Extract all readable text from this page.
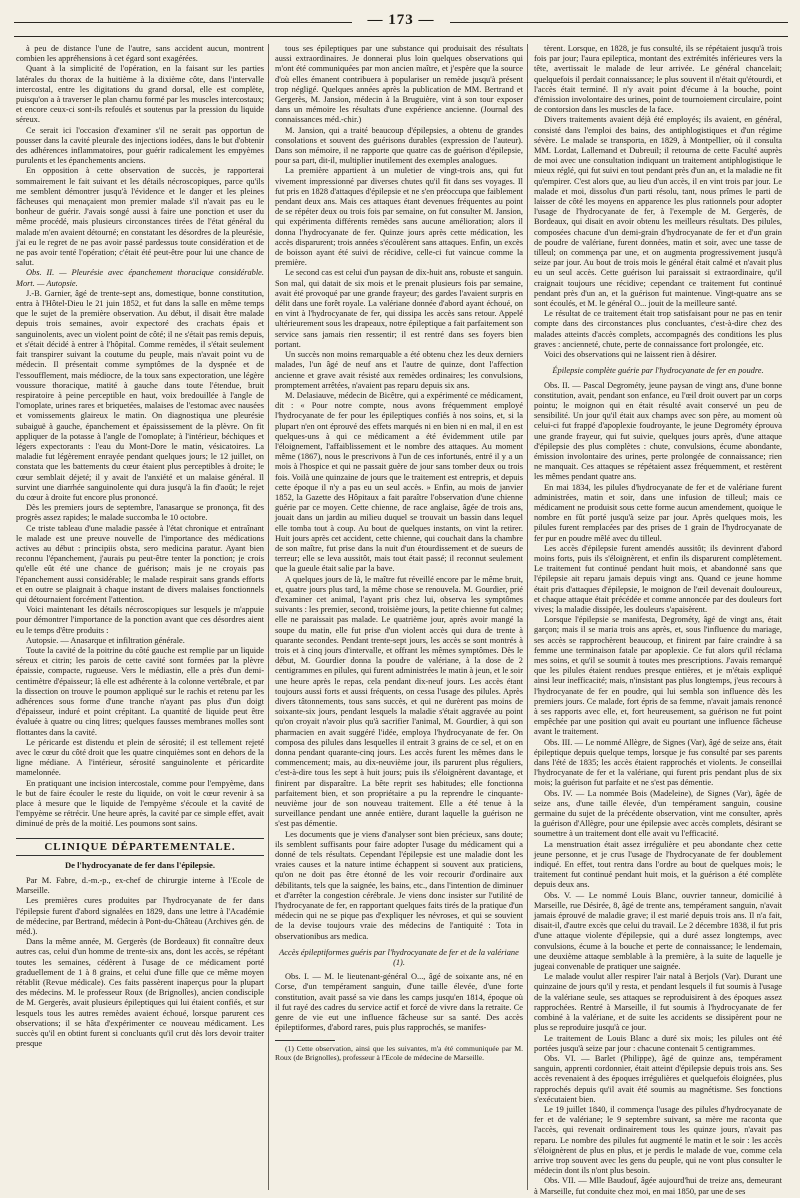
— 173 —

à peu de distance l'une de l'autre, sans accident aucun, montrent combien les appréhensions à cet égard sont exagérées.

Quant à la simplicité de l'opération, en la faisant sur les parties latérales du thorax de la huitième à la dixième côte, dans l'intervalle intercostal, entre les digitations du grand dorsal, elle est complète, puisqu'on a à traverser le plan charnu formé par les muscles intercostaux; et encore ceux-ci sont-ils refoulés et soutenus par la pression du liquide séreux.

Ce serait ici l'occasion d'examiner s'il ne serait pas opportun de pousser dans la cavité pleurale des injections iodées, dans le but d'obtenir des adhérences inflammatoires, pour guérir radicalement les empyèmes purulents et les épanchements anciens.

En opposition à cette observation de succès, je rapporterai sommairement le fait suivant et les détails nécroscopiques, parce qu'ils me semblent démontrer jusqu'à l'évidence et le danger et les pleines fâcheuses qui menaçaient mon premier malade s'il n'avait pas eu le bonheur de guérir. J'avais songé aussi à faire une ponction et user du même procédé, mais plusieurs circonstances tirées de l'état général du malade m'en avaient détourné; en constatant les désordres de la pleurésie, j'ai eu le regret de ne pas avoir passé pardessus toute considération et de ne pas avoir tenté l'opération; c'était été peut-être pour lui une chance de salut.

Obs. II. — Pleurésie avec épanchement thoracique considérable. Mort. — Autopsie.

J.-B. Garnier, âgé de trente-sept ans, domestique, bonne constitution, entra à l'Hôtel-Dieu le 21 juin 1852, et fut dans la salle en même temps que le sujet de la première observation. Au début, il disait être malade depuis trois semaines, avoir expectoré des crachats épais et sanguinolents, avec un violent point de côté; il ne s'était pas remis depuis, et s'était décidé à entrer à l'hôpital. Comme remèdes, il s'était seulement fait transpirer suivant la coutume du peuple, mais n'avait point vu de médecin. Il présentait comme symptômes de la dyspnée et de l'essoufflement, mais médiocre, de la toux sans expectoration, une légère voussure thoracique, matité à gauche dans toute l'étendue, bruit respiratoire à peine perceptible en haut, voix bredouillée à l'angle de l'omoplate, urines rares et briquetées, malaises de l'estomac avec nausées et vomissements glaireux le matin. On diagnostiqua une pleurésie subaiguë à gauche, épanchement et épaississement de la plèvre. On fit appliquer de la potasse à l'angle de l'omoplate; à l'intérieur, béchiques et légers expectorants : l'eau du Mont-Dore le matin, vésicatoires. La maladie fut légèrement enrayée pendant quelques jours; le 12 juillet, on constata que les battements du cœur étaient plus perceptibles à droite; le cœur semblait déjeté; il y avait de l'anxiété et un malaise général. Il survint une diarrhée sanguinolente qui dura jusqu'à la fin d'août; le rejet du cœur à droite fut encore plus prononcé.

Dès les premiers jours de septembre, l'anasarque se prononça, fit des progrès assez rapides; le malade succomba le 10 octobre.

Ce triste tableau d'une maladie passée à l'état chronique et entraînant le malade est une preuve nouvelle de l'importance des médications actives au début : principiis obsta, sero medicina paratur. Ayant bien reconnu l'épanchement, j'aurais pu peut-être tenter la ponction; je crois qu'elle eût été une chance de guérison; mais je ne croyais pas l'épanchement aussi considérable; le malade respirait sans grands efforts et en outre se plaignait à chaque instant de divers malaises fonctionnels qui détournaient forcément l'attention.

Voici maintenant les détails nécroscopiques sur lesquels je m'appuie pour démontrer l'importance de la ponction avant que ces désordres aient eu le temps d'être produits :

Autopsie. — Anasarque et infiltration générale.

Toute la cavité de la poitrine du côté gauche est remplie par un liquide séreux et citrin; les parois de cette cavité sont formées par la plèvre épaissie, compacte, rugueuse. Vers le médiastin, elle a près d'un demi-centimètre d'épaisseur; là elle est adhérente à la colonne vertébrale, et par la dissection on trouve le poumon appliqué sur le rachis et retenu par les adhérences sous forme d'une tranche n'ayant pas plus d'un doigt d'épaisseur, induré et point crépitant. La quantité de liquide peut être évaluée à quatre ou cinq litres; quelques fausses membranes molles sont flottantes dans la cavité.

Le péricarde est distendu et plein de sérosité; il est tellement rejeté avec le cœur du côté droit que les quatre cinquièmes sont en dehors de la ligne médiane. A l'intérieur, sérosité sanguinolente et péricardite mamelonnée.

En pratiquant une incision intercostale, comme pour l'empyème, dans le but de faire écouler le reste du liquide, on voit le cœur revenir à sa place à mesure que le liquide de l'empyème s'écoule et la cavité de l'empyème se rétrécir. Une heure après, la cavité par ce simple effet, avait diminué de près de la moitié. Les poumons sont sains.

CLINIQUE DÉPARTEMENTALE.
De l'hydrocyanate de fer dans l'épilepsie.

Par M. Fabre, d.-m.-p., ex-chef de chirurgie interne à l'Ecole de Marseille.

Les premières cures produites par l'hydrocyanate de fer dans l'épilepsie furent d'abord signalées en 1829, dans une lettre à l'Académie de médecine, par Bertrand, médecin à Pont-du-Château (Archives gén. de méd.).

Dans la même année, M. Gergerès (de Bordeaux) fit connaître deux autres cas, celui d'un homme de trente-six ans, dont les accès, se répétant toutes les semaines, cédèrent à l'usage de ce médicament porté graduellement de 1 à 8 grains, et celui d'une fille que ce même moyen rétablit (Revue médicale). Ces faits passèrent inaperçus pour la plupart des médecins. M. le professeur Roux (de Brignolles), ancien condisciple de M. Gergerès, avait plusieurs épileptiques qui lui étaient confiés, et sur lesquels tous les autres remèdes avaient échoué, lorsque parurent ces observations; il se hâta d'expérimenter ce nouveau médicament. Les succès qu'il en obtint furent si concluants qu'il crut dès lors devoir traiter presque

tous ses épileptiques par une substance qui produisait des résultats aussi extraordinaires. Je donnerai plus loin quelques observations qui m'ont été communiquées par mon ancien maître, et j'espère que la source d'où elles émanent contribuera à populariser un remède jusqu'à présent trop négligé. Quelques années après la publication de MM. Bertrand et Gergerès, M. Jansion, médecin à la Bruguière, vint à son tour exposer dans un mémoire les résultats d'une expérience ancienne. (Journal des connaissances méd.-chir.)

M. Jansion, qui a traité beaucoup d'épilepsies, a obtenu de grandes consolations et souvent des guérisons durables (expression de l'auteur). Dans son mémoire, il ne rapporte que quatre cas de guérison d'épilepsie, pour sa part, dit-il, multiplier inutilement des exemples analogues.

La première appartient à un muletier de vingt-trois ans, qui fut vivement impressionné par diverses chutes qu'il fit dans ses voyages. Il fut pris en 1828 d'attaques d'épilepsie et ne s'en préoccupa que faiblement pendant deux ans. Mais ces attaques étant devenues fréquentes au point de se répéter deux ou trois fois par semaine, on fut consulter M. Jansion, qui expérimenta différents remèdes sans aucune amélioration; alors il donna l'hydrocyanate de fer. Quinze jours après cette médication, les accès disparurent; trois années s'écoulèrent sans attaques. Enfin, un excès de boisson ayant été suivi de récidive, celle-ci fut vaincue comme la première.

Le second cas est celui d'un paysan de dix-huit ans, robuste et sanguin. Son mal, qui datait de six mois et le prenait plusieurs fois par semaine, avait été provoqué par une grande frayeur; des gardes l'avaient surpris en délit dans une forêt royale. La valériane donnée d'abord ayant échoué, on en vint à l'hydrocyanate de fer, qui dissipa les accès sans retour. Appelé ultérieurement sous les drapeaux, notre épileptique a fait parfaitement son service sans jamais rien ressentir; il est rentré dans ses foyers bien portant.

Un succès non moins remarquable a été obtenu chez les deux derniers malades, l'un âgé de neuf ans et l'autre de quinze, dont l'affection ancienne et grave avait résisté aux remèdes ordinaires; les convulsions, promptement arrêtées, n'avaient pas reparu depuis six ans.

M. Delasiauve, médecin de Bicêtre, qui a expérimenté ce médicament, dit : « Pour notre compte, nous avons fréquemment employé l'hydrocyanate de fer pour les épileptiques confiés à nos soins, et, si la plupart n'en ont éprouvé des effets marqués ni en bien ni en mal, il en est quelques-uns à qui ce médicament a été évidemment utile par l'éloignement, l'affaiblissement et le nombre des attaques. Au moment même (1867), nous le prescrivons à l'un de ces infortunés, entré il y a un mois à l'hospice et qui ne passait guère de jour sans tomber deux ou trois fois. Voilà une quinzaine de jours que le traitement est entrepris, et depuis cette époque il n'y a pas eu un seul accès. » Enfin, au mois de janvier 1852, la Gazette des Hôpitaux a fait paraître l'observation d'une chienne guérie par ce moyen. Cette chienne, de race anglaise, âgée de trois ans, jouait dans un jardin au milieu duquel se trouvait un bassin dans lequel elle tomba tout à coup. Au bout de quelques instants, on vint la retirer. Huit jours après cet accident, cette chienne, qui couchait dans la chambre de son maître, fut prise dans la nuit d'un étourdissement et de sueurs de terreur; elle se leva aussitôt, mais tout était passé; il reconnut seulement que la gueule était salie par la bave.

A quelques jours de là, le maître fut réveillé encore par le même bruit, et, quatre jours plus tard, la même chose se renouvela. M. Gourdier, prié d'examiner cet animal, l'ayant pris chez lui, observa les symptômes suivants : les premier, second, troisième jours, la petite chienne fut calme; elle ne paraissait pas malade. Le quatrième jour, après avoir mangé la soupe du matin, elle fut prise d'un violent accès qui dura de trente à quarante secondes. Pendant trente-sept jours, les accès se sont montrés à trois et à cinq jours d'intervalle, et offrant les mêmes symptômes. Dès le début, M. Gourdier donna la poudre de valériane, à la dose de 2 centigrammes en pilules, qui furent administrées le matin à jeun, et le soir une heure après le repas, cela pendant dix-neuf jours. Les accès étant toujours aussi forts et aussi fréquents, on cessa l'usage des pilules. Après divers tâtonnements, tous sans succès, et qui ne durèrent pas moins de soixante-six jours, pendant lesquels la maladie s'était aggravée au point qu'on croyait n'avoir plus qu'à sacrifier l'animal, M. Gourdier, à qui son pharmacien en avait suggéré l'idée, employa l'hydrocyanate de fer. On composa des pilules dans lesquelles il entrait 3 grains de ce sel, et on en donna pendant quarante-cinq jours. Les accès furent les mêmes dans le commencement; mais, au dix-neuvième jour, ils parurent plus réguliers, c'est-à-dire tous les sept à huit jours; puis ils s'éloignèrent davantage, et finirent par disparaître. La bête reprit ses habitudes; elle fonctionna parfaitement bien, et son propriétaire a pu la reprendre le cinquante-neuvième jour de son nouveau traitement. Elle a été tenue à la surveillance pendant une année entière, durant laquelle la guérison ne s'est pas démentie.

Les documents que je viens d'analyser sont bien précieux, sans doute; ils semblent suffisants pour faire adopter l'usage du médicament qui a donné de tels résultats. Cependant l'épilepsie est une maladie dont les vraies causes et la nature intime échappent si souvent aux praticiens, qu'on ne doit pas être étonné de les voir recourir d'ordinaire aux débilitants, tels que la saignée, les bains, etc., dans l'intention de diminuer et d'arrêter la congestion cérébrale. Je viens donc insister sur l'utilité de l'hydrocyanate de fer, en rapportant quelques faits tirés de la pratique d'un médecin qui ne se pique pas d'expliquer les névroses, et qui se souvient de la devise toujours vraie des médecins de l'antiquité : Tota in observationibus ars medica.

Accès épileptiformes guéris par l'hydrocyanate de fer et de la valériane (1).

Obs. I. — M. le lieutenant-général O..., âgé de soixante ans, né en Corse, d'un tempérament sanguin, d'une taille élevée, d'une forte constitution, avait passé sa vie dans les camps jusqu'en 1814, époque où il fut rayé des cadres du service actif et forcé de vivre dans la retraite. Ce genre de vie eut une influence fâcheuse sur sa santé. Des accès épileptiformes, d'abord rares, puis plus rapprochés, se manifes-

(1) Cette observation, ainsi que les suivantes, m'a été communiquée par M. Roux (de Brignolles), professeur à l'Ecole de médecine de Marseille.

tèrent. Lorsque, en 1828, je fus consulté, ils se répétaient jusqu'à trois fois par jour; l'aura epileptica, montant des extrémités inférieures vers la tête, avertissait le malade de leur arrivée. Le général chancelait; quelquefois il perdait connaissance; le plus souvent il n'était qu'étourdi, et l'accès était terminé. Il n'y avait point d'écume à la bouche, point d'émission involontaire des urines, point de tournoiement circulaire, point de contorsion dans les muscles de la face.

Divers traitements avaient déjà été employés; ils avaient, en général, consisté dans l'emploi des bains, des antiphlogistiques et d'un régime sévère. Le malade se transporta, en 1829, à Montpellier, où il consulta MM. Lordat, Lallemand et Dubreuil; il retourna de cette Faculté auprès de moi avec une consultation indiquant un traitement antiphlogistique le mieux réglé, qui fut suivi en tout pendant près d'un an, et la maladie ne fit qu'empirer. C'est alors que, au lieu d'un accès, il en vint trois par jour. Le malade et moi, dissolus d'un parti résolu, tant, nous prîmes le parti de laisser de côté les moyens en apparence les plus rationnels pour adopter l'usage de l'hydrocyanate de fer, à l'exemple de M. Gergerès, de Bordeaux, qui disait en avoir obtenu les meilleurs résultats. Des pilules, composées chacune d'un demi-grain d'hydrocyanate de fer et d'un grain de poudre de valériane, furent données, matin et soir, avec une tasse de tilleul; on commença par une, et on augmenta progressivement jusqu'à seize par jour. Au bout de trois mois le général était calmé et n'avait plus eu un seul accès. Cette guérison lui paraissait si extraordinaire, qu'il craignait toujours une récidive; cependant ce traitement fut continué pendant près d'un an, et la guérison fut maintenue. Vingt-quatre ans se sont écoulés, et M. le général O... jouit de la meilleure santé.

Le résultat de ce traitement était trop satisfaisant pour ne pas en tenir compte dans des circonstances plus concluantes, c'est-à-dire chez des malades atteints d'accès complets, accompagnés des conditions les plus graves : ancienneté, chute, perte de connaissance fort prolongée, etc.

Voici des observations qui ne laissent rien à désirer.

Épilepsie complète guérie par l'hydrocyanate de fer en poudre.

Obs. II. — Pascal Degrométy, jeune paysan de vingt ans, d'une bonne constitution, avait, pendant son enfance, eu l'œil droit ouvert par un corps pointu; le moignon qui en était résulté avait conservé un peu de sensibilité. Un jour qu'il était aux champs avec son père, au moment où celui-ci fut frappé d'apoplexie foudroyante, le jeune Degrométy éprouva une grande frayeur, qui fut suivie, quelques jours après, d'une attaque d'épilepsie des plus complètes : chute, convulsions, écume abondante, émission involontaire des urines, perte prolongée de connaissance; rien ne manquait. Ces attaques se répétaient assez fréquemment, et restèrent les mêmes pendant quatre ans.

En mai 1834, les pilules d'hydrocyanate de fer et de valériane furent administrées, matin et soir, dans une infusion de tilleul; mais ce médicament ne produisit sous cette forme aucun amendement, quoique le nombre en fût porté jusqu'à seize par jour. Après quelques mois, les pilules furent remplacées par des prises de 1 grain de l'hydrocyanate de fer pur en poudre mêlé avec du tilleul.

Les accès d'épilepsie furent amendés aussitôt; ils devinrent d'abord moins forts, puis ils s'éloignèrent, et enfin ils disparurent complètement. Le traitement fut continué pendant huit mois, et abandonné sans que l'épilepsie ait reparu jamais depuis vingt ans. Quand ce jeune homme était pris d'attaques d'épilepsie, le moignon de l'œil devenait douloureux, et chaque attaque était précédée et comme annoncée par des douleurs fort vives; la maladie dissipée, les douleurs s'apaisèrent.

Lorsque l'épilepsie se manifesta, Degrométy, âgé de vingt ans, était garçon; mais il se maria trois ans après, et, sous l'influence du mariage, ses accès se rapprochèrent beaucoup, et finirent par faire craindre à sa femme une terminaison fatale par apoplexie. Ce fut alors qu'il réclama mes soins, et qu'il se soumit à toutes mes prescriptions. J'avais remarqué que les pilules étaient rendues presque entières, et je m'étais expliqué ainsi leur inefficacité; mais, n'insistant pas plus longtemps, j'eus recours à l'hydrocyanate de fer en poudre, qui lui sembla son influence dès les premiers jours. Ce malade, fort épris de sa femme, n'avait jamais renoncé à ses rapports avec elle, et, fort heureusement, sa guérison ne fut point empêchée par une position qui avait eu pourtant une influence fâcheuse avant le traitement.

Obs. III. — Le nommé Allègre, de Signes (Var), âgé de seize ans, était épileptique depuis quelque temps, lorsque je fus consulté par ses parents dans l'été de 1835; les accès étaient rapprochés et violents. Je conseillai l'hydrocyanate de fer et la valériane, qui furent pris pendant plus de six mois; la guérison fut parfaite et ne s'est pas démentie.

Obs. IV. — La nommée Bois (Madeleine), de Signes (Var), âgée de seize ans, d'une taille élevée, d'un tempérament sanguin, cousine germaine du sujet de la précédente observation, vint me consulter, après la guérison d'Allègre, pour une épilepsie avec accès complets, désirant se soumettre à un traitement dont elle avait vu l'efficacité.

La menstruation était assez irrégulière et peu abondante chez cette jeune personne, et je crus l'usage de l'hydrocyanate de fer doublement indiqué. En effet, tout rentra dans l'ordre au bout de quelques mois; le traitement fut continué pendant huit mois, et la guérison a été complète depuis deux ans.

Obs. V. — Le nommé Louis Blanc, ouvrier tanneur, domicilié à Marseille, rue Désirée, 8, âgé de trente ans, tempérament sanguin, n'avait jamais éprouvé de maladie grave; il est marié depuis trois ans. Il n'a fait, disait-il, d'autre excès que celui du travail. Le 2 décembre 1838, il fut pris d'une attaque violente d'épilepsie, qui a duré assez longtemps, avec convulsions, écume à la bouche et perte de connaissance; le lendemain, une deuxième attaque semblable à la première, à la suite de laquelle je jugeai convenable de pratiquer une saignée.

Le malade voulut aller respirer l'air natal à Berjols (Var). Durant une quinzaine de jours qu'il y resta, et pendant lesquels il fut soumis à l'usage de la valériane seule, ses attaques se reproduisirent à des époques assez rapprochées. Rentré à Marseille, il fut soumis à l'hydrocyanate de fer combiné à la valériane, et de suite les accidents se dissipèrent pour ne plus se reproduire jusqu'à ce jour.

Le traitement de Louis Blanc a duré six mois; les pilules ont été portées jusqu'à seize par jour : chacune contenait 5 centigrammes.

Obs. VI. — Barlet (Philippe), âgé de quinze ans, tempérament sanguin, apprenti cordonnier, était atteint d'épilepsie depuis trois ans. Ses accès revenaient à des époques irrégulières et quelquefois éloignées, plus rapprochés depuis qu'il avait été soumis au magnétisme. Ses fonctions s'exécutaient bien.

Le 19 juillet 1840, il commença l'usage des pilules d'hydrocyanate de fer et de valériane; le 9 septembre suivant, sa mère me raconta que l'accès, qui revenait ordinairement tous les quinze jours, n'avait pas reparu. Le nombre des pilules fut augmenté le matin et le soir : les accès s'éloignèrent de plus en plus, et je perdis le malade de vue, comme cela arrive trop souvent avec les gens du peuple, qui ne vont plus consulter le médecin dont ils n'ont plus besoin.

Obs. VII. — Mlle Baudouf, âgée aujourd'hui de treize ans, demeurant à Marseille, fut conduite chez moi, en mai 1850, par une de ses
